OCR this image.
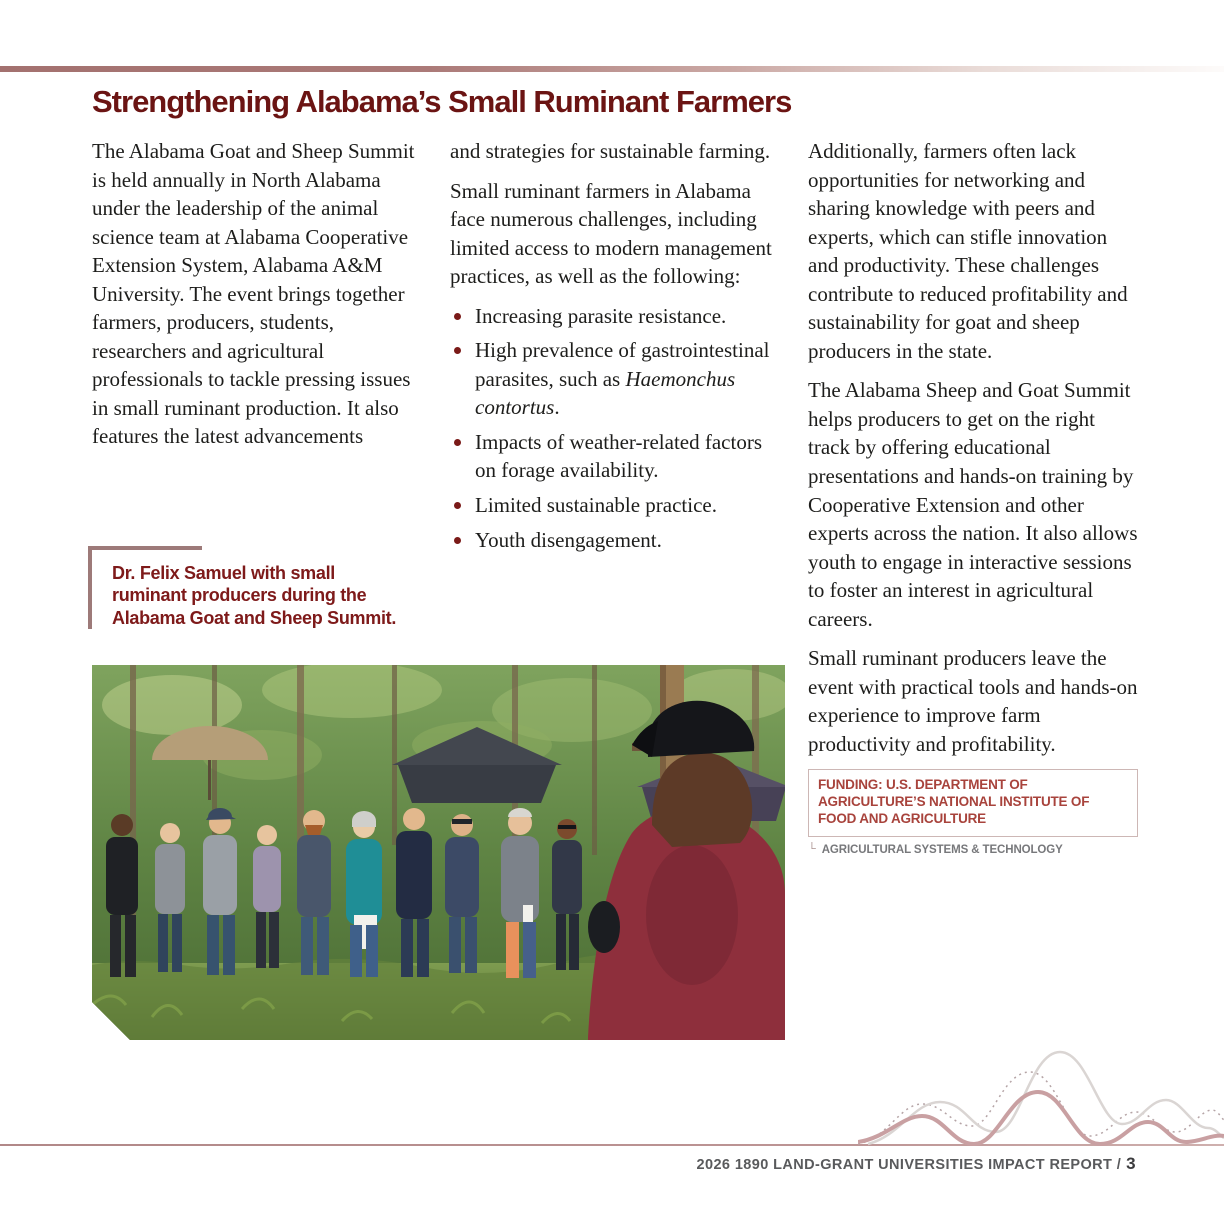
Strengthening Alabama’s Small Ruminant Farmers

The Alabama Goat and Sheep Summit is held annually in North Alabama under the leadership of the animal science team at Alabama Cooperative Extension System, Alabama A&M University. The event brings together farmers, producers, students, researchers and agricultural professionals to tackle pressing issues in small ruminant production. It also features the latest advancements

and strategies for sustainable farming.

Small ruminant farmers in Alabama face numerous challenges, including limited access to modern management practices, as well as the following:

Increasing parasite resistance.
High prevalence of gastrointestinal parasites, such as Haemonchus contortus.
Impacts of weather-related factors on forage availability.
Limited sustainable practice.
Youth disengagement.

Additionally, farmers often lack opportunities for networking and sharing knowledge with peers and experts, which can stifle innovation and productivity. These challenges contribute to reduced profitability and sustainability for goat and sheep producers in the state.

The Alabama Sheep and Goat Summit helps producers to get on the right track by offering educational presentations and hands-on training by Cooperative Extension and other experts across the nation. It also allows youth to engage in interactive sessions to foster an interest in agricultural careers.

Small ruminant producers leave the event with practical tools and hands-on experience to improve farm productivity and profitability.

FUNDING: U.S. DEPARTMENT OF AGRICULTURE’S NATIONAL INSTITUTE OF FOOD AND AGRICULTURE
└ AGRICULTURAL SYSTEMS & TECHNOLOGY
Dr. Felix Samuel with small ruminant producers during the Alabama Goat and Sheep Summit.
2026 1890 LAND-GRANT UNIVERSITIES IMPACT REPORT / 3
